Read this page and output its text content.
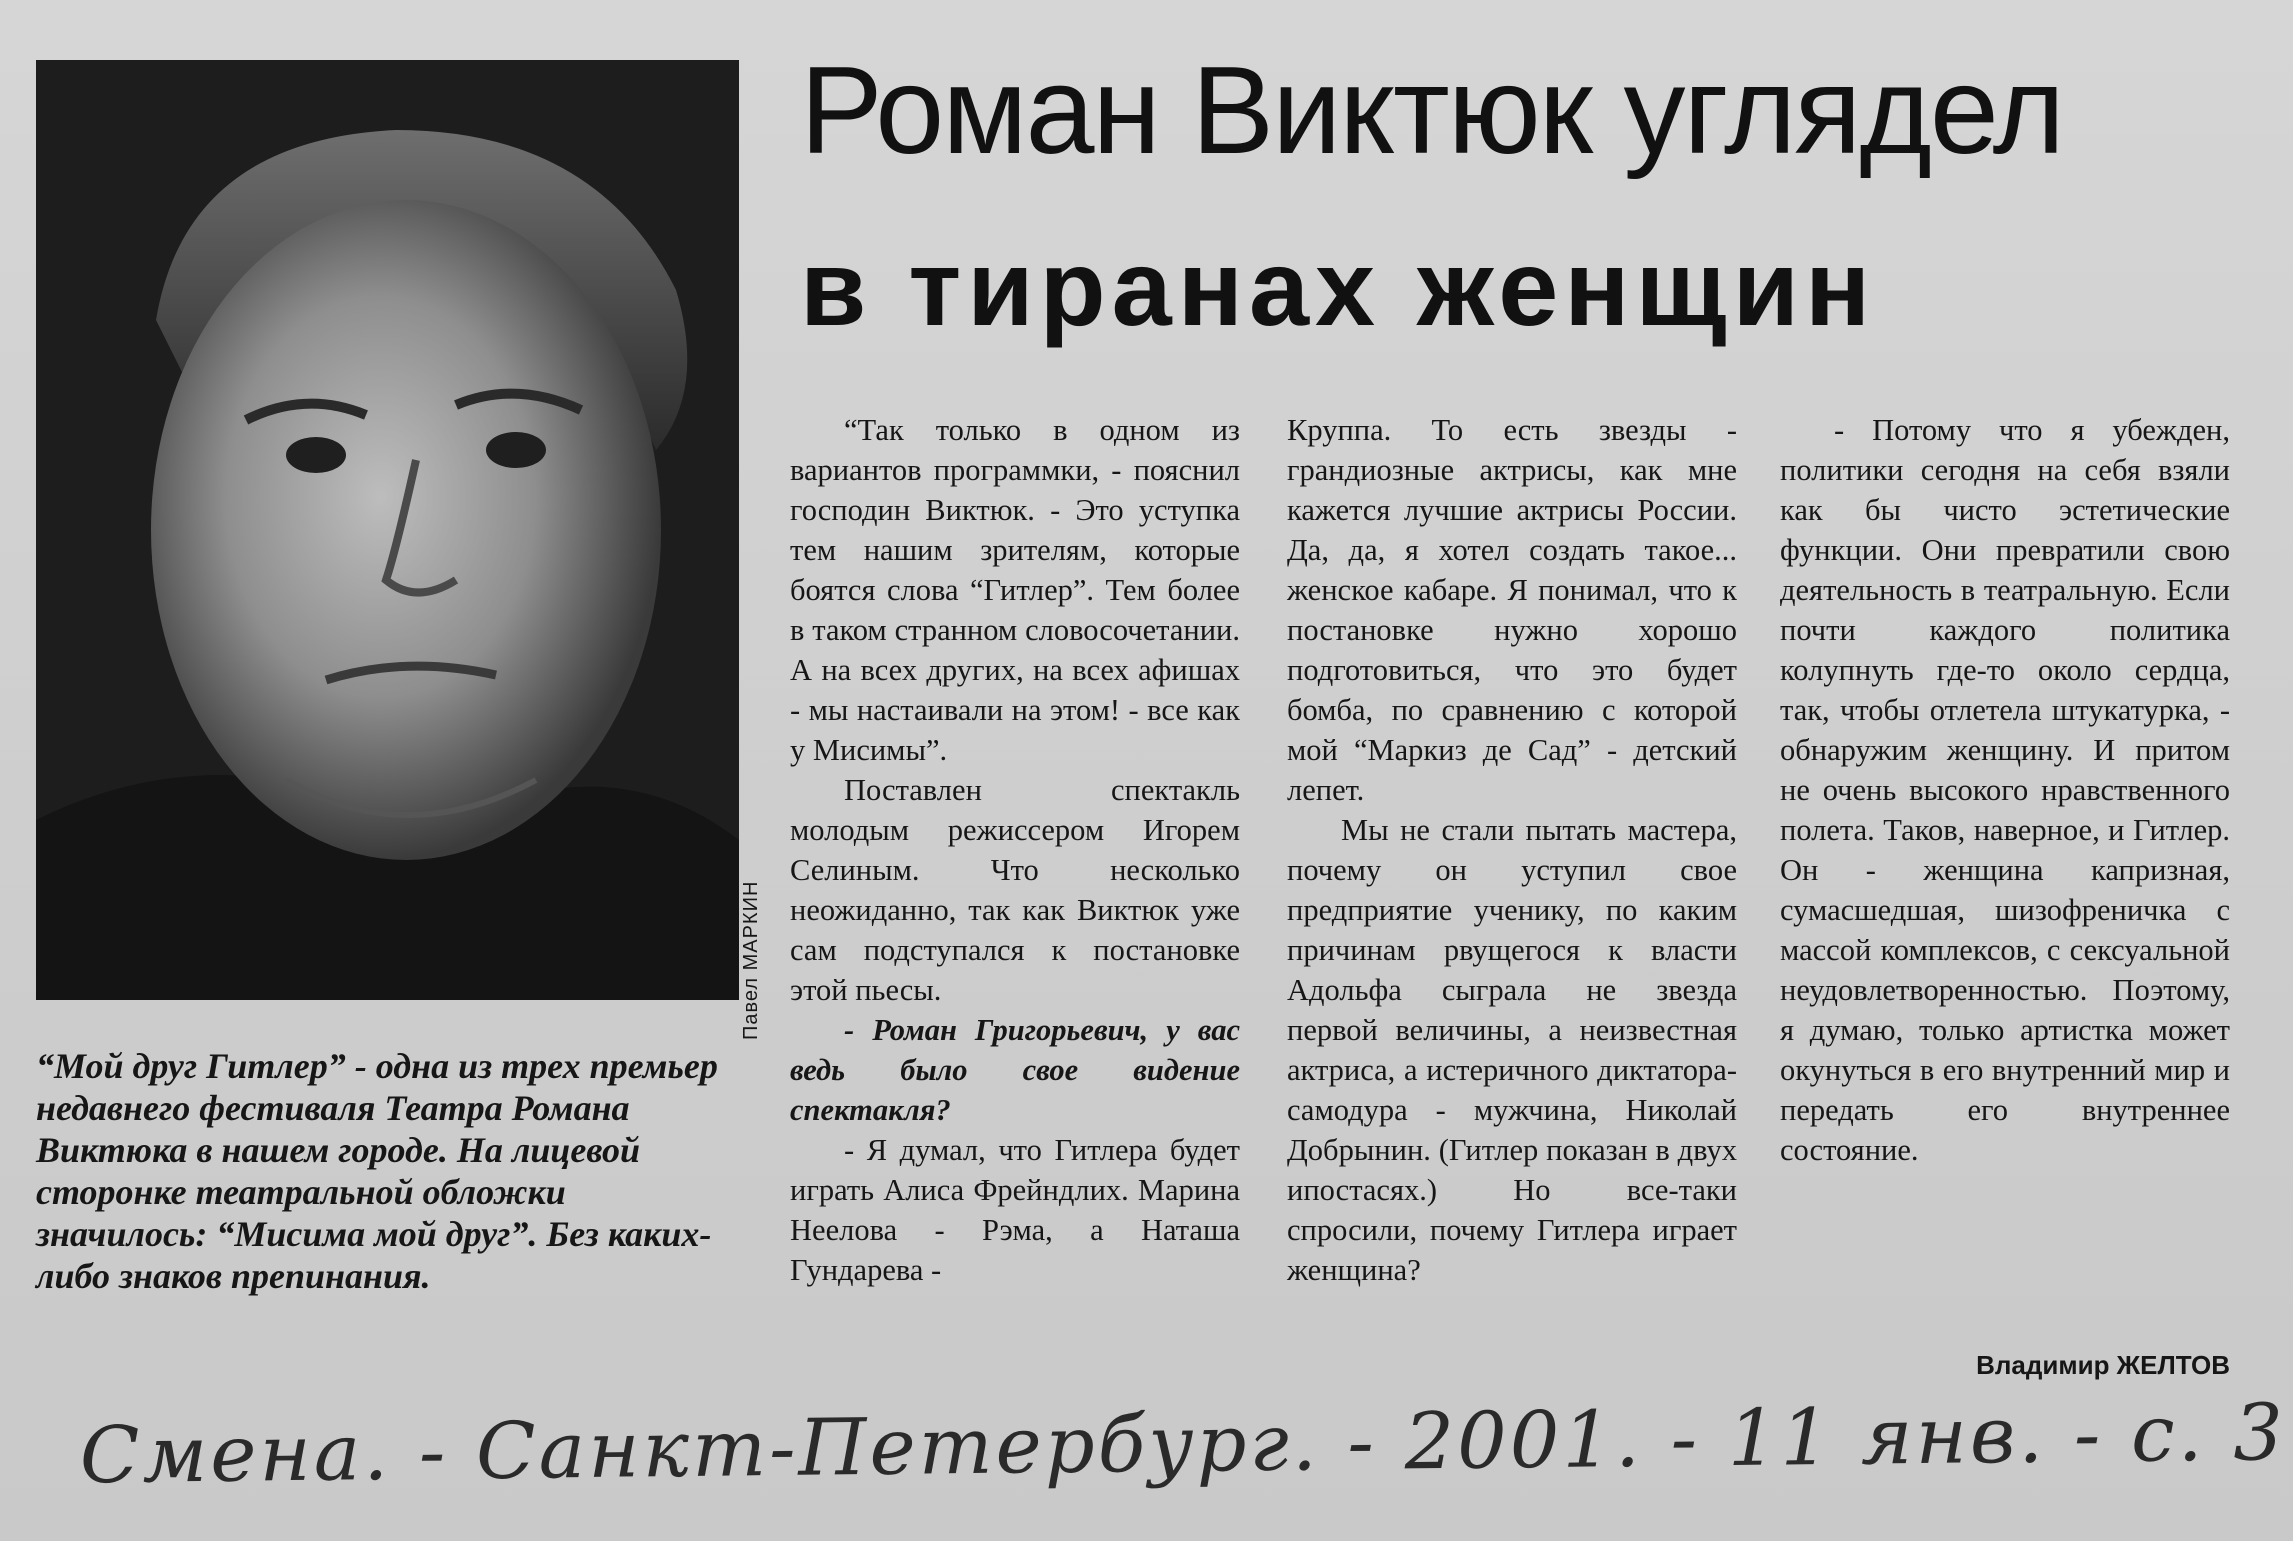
Павел МАРКИН
Роман Виктюк углядел
в тиранах женщин
“Мой друг Гитлер” - одна из трех премьер недавнего фестиваля Театра Романа Виктюка в нашем городе. На лицевой сторонке театральной обложки значилось: “Мисима мой друг”. Без каких-либо знаков препинания.

“Так только в одном из вариантов программки, - пояснил господин Виктюк. - Это уступка тем нашим зрителям, которые боятся слова “Гитлер”. Тем более в таком странном словосочетании. А на всех других, на всех афишах - мы настаивали на этом! - все как у Мисимы”.

Поставлен спектакль молодым режиссером Игорем Селиным. Что несколько неожиданно, так как Виктюк уже сам подступался к постановке этой пьесы.

- Роман Григорьевич, у вас ведь было свое видение спектакля?

- Я думал, что Гитлера будет играть Алиса Фрейндлих. Марина Неелова - Рэма, а Наташа Гундарева -

Круппа. То есть звезды - грандиозные актрисы, как мне кажется лучшие актрисы России. Да, да, я хотел создать такое... женское кабаре. Я понимал, что к постановке нужно хорошо подготовиться, что это будет бомба, по сравнению с которой мой “Маркиз де Сад” - детский лепет.

Мы не стали пытать мастера, почему он уступил свое предприятие ученику, по каким причинам рвущегося к власти Адольфа сыграла не звезда первой величины, а неизвестная актриса, а истеричного диктатора-самодура - мужчина, Николай Добрынин. (Гитлер показан в двух ипостасях.) Но все-таки спросили, почему Гитлера играет женщина?

- Потому что я убежден, политики сегодня на себя взяли как бы чисто эстетические функции. Они превратили свою деятельность в театральную. Если почти каждого политика колупнуть где-то около сердца, так, чтобы отлетела штукатурка, - обнаружим женщину. И притом не очень высокого нравственного полета. Таков, наверное, и Гитлер. Он - женщина капризная, сумасшедшая, шизофреничка с массой комплексов, с сексуальной неудовлетворенностью. Поэтому, я думаю, только артистка может окунуться в его внутренний мир и передать его внутреннее состояние.

Владимир ЖЕЛТОВ
Смена. - Санкт-Петербург. - 2001. - 11 янв. - с. 3
